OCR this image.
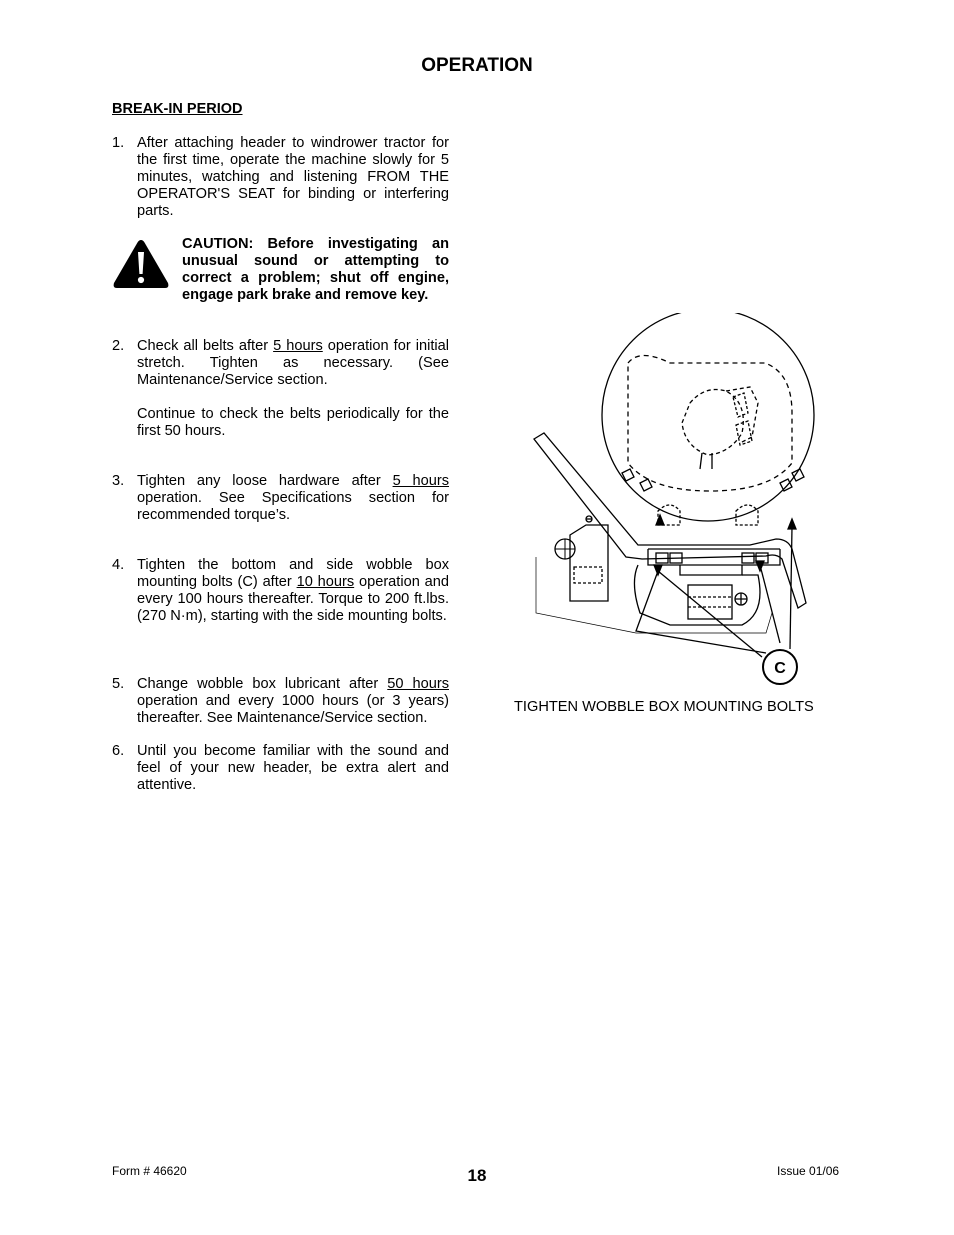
OPERATION
BREAK-IN PERIOD
1. After attaching header to windrower tractor for the first time, operate the machine slowly for 5 minutes, watching and listening FROM THE OPERATOR'S SEAT for binding or interfering parts.

CAUTION: Before investigating an unusual sound or attempting to correct a problem; shut off engine, engage park brake and remove key.
2. Check all belts after 5 hours operation for initial stretch. Tighten as necessary. (See Maintenance/Service section.

Continue to check the belts periodically for the first 50 hours.

3. Tighten any loose hardware after 5 hours operation. See Specifications section for recommended torque’s.

4. Tighten the bottom and side wobble box mounting bolts (C) after 10 hours operation and every 100 hours thereafter. Torque to 200 ft.lbs. (270 N·m), starting with the side mounting bolts.

5. Change wobble box lubricant after 50 hours operation and every 1000 hours (or 3 years) thereafter. See Maintenance/Service section.

6. Until you become familiar with the sound and feel of your new header, be extra alert and attentive.

C
TIGHTEN WOBBLE BOX MOUNTING BOLTS
Form # 46620	18	Issue 01/06
